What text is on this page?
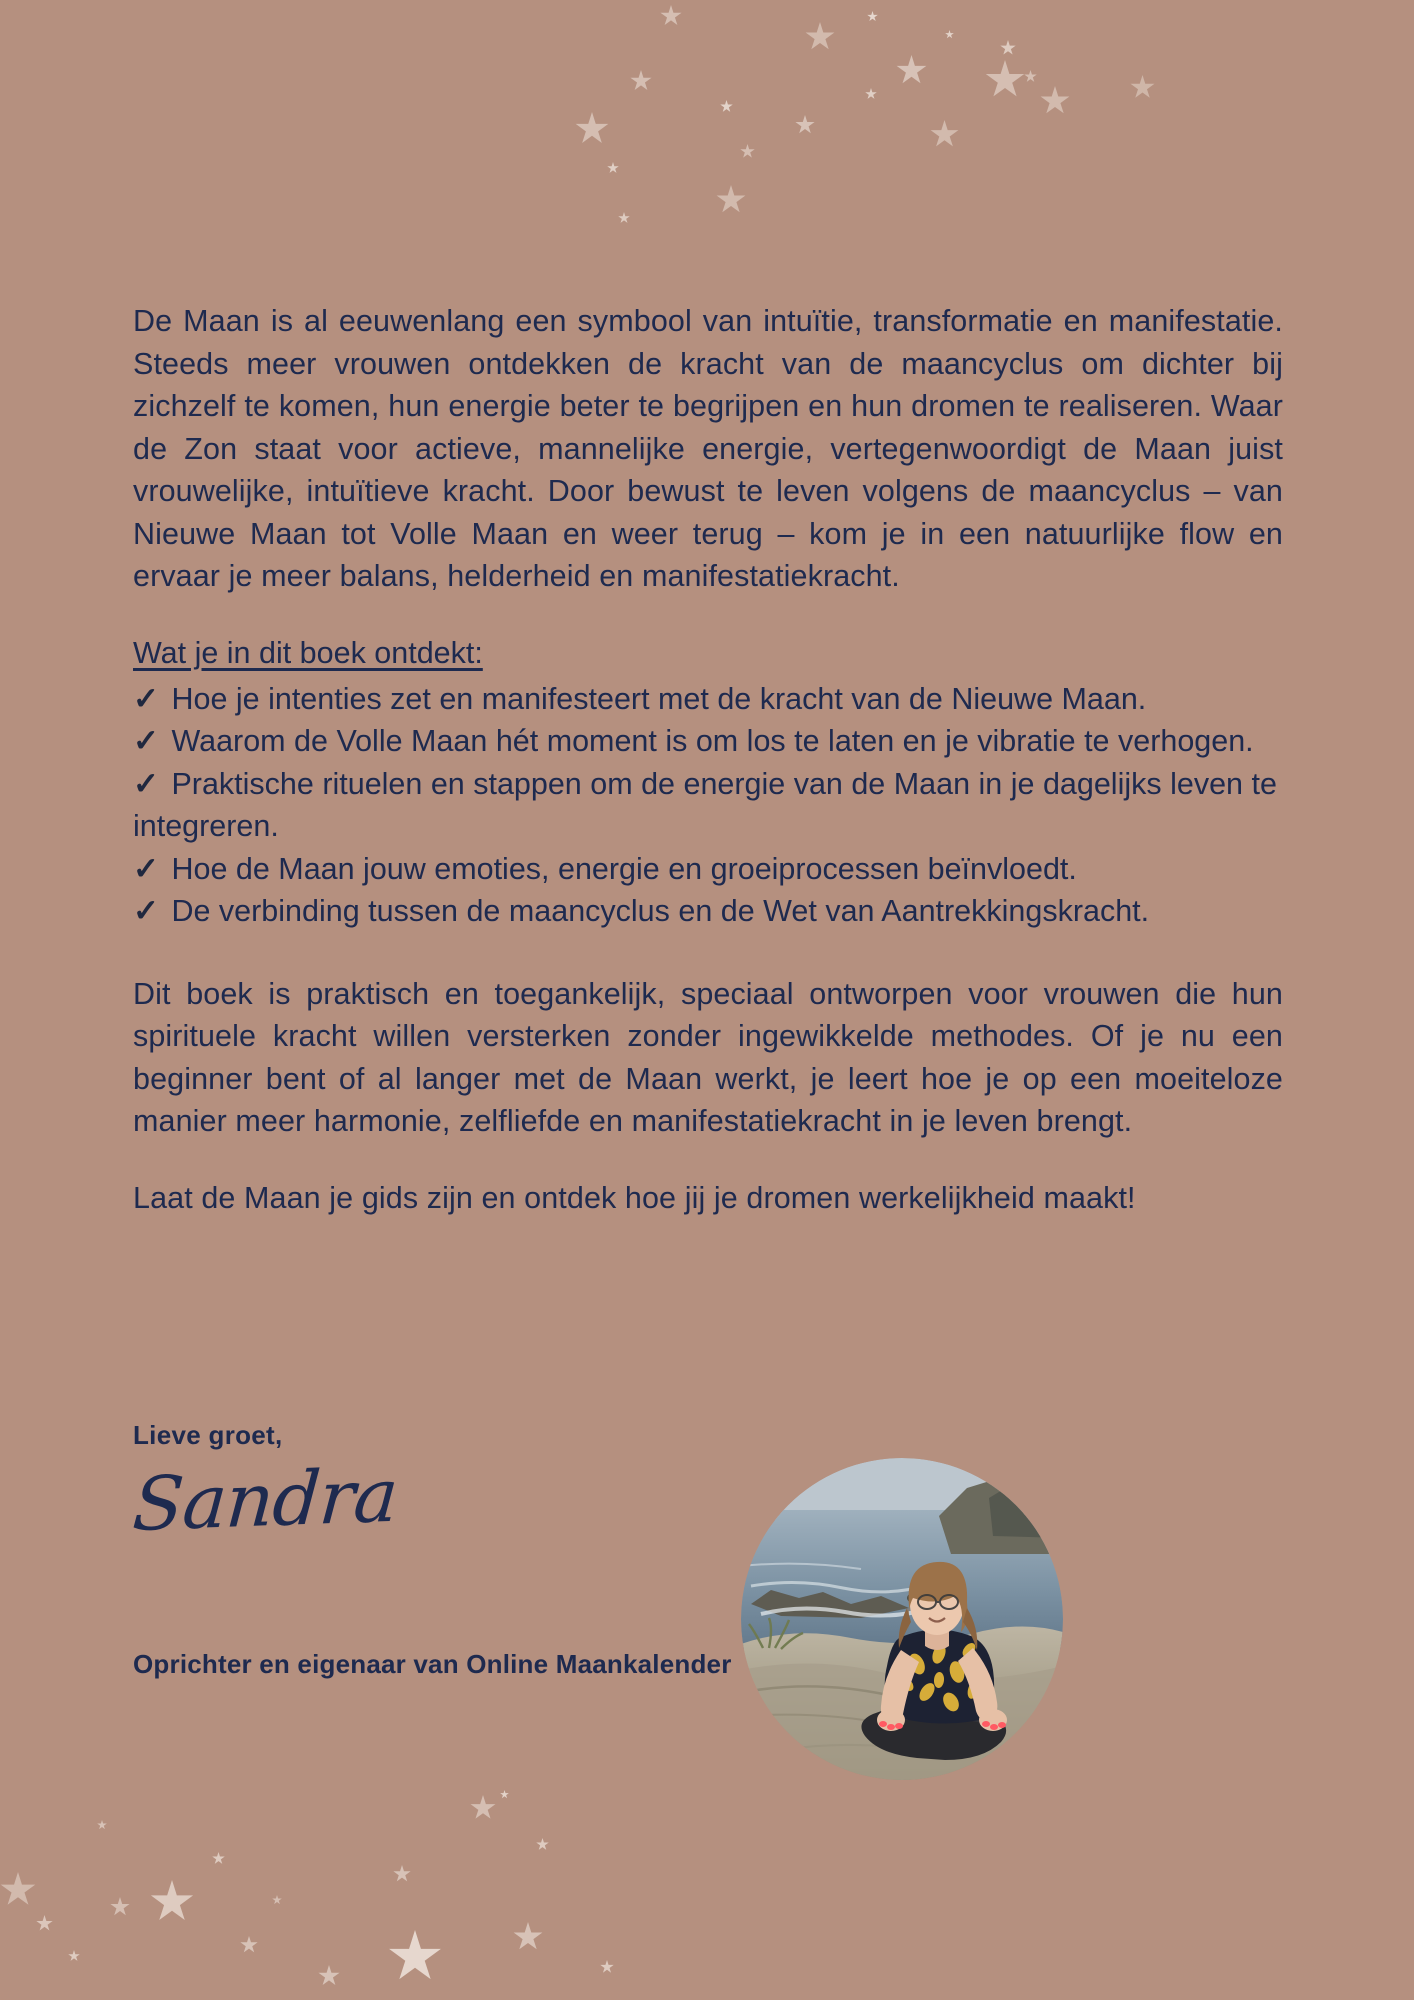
De Maan is al eeuwenlang een symbool van intuïtie, transformatie en manifestatie. Steeds meer vrouwen ontdekken de kracht van de maancyclus om dichter bij zichzelf te komen, hun energie beter te begrijpen en hun dromen te realiseren. Waar de Zon staat voor actieve, mannelijke energie, vertegenwoordigt de Maan juist vrouwelijke, intuïtieve kracht. Door bewust te leven volgens de maancyclus – van Nieuwe Maan tot Volle Maan en weer terug – kom je in een natuurlijke flow en ervaar je meer balans, helderheid en manifestatiekracht.

Wat je in dit boek ontdekt:
✓ Hoe je intenties zet en manifesteert met de kracht van de Nieuwe Maan.
✓ Waarom de Volle Maan hét moment is om los te laten en je vibratie te verhogen.
✓ Praktische rituelen en stappen om de energie van de Maan in je dagelijks leven te integreren.
✓ Hoe de Maan jouw emoties, energie en groeiprocessen beïnvloedt.
✓ De verbinding tussen de maancyclus en de Wet van Aantrekkingskracht.

Dit boek is praktisch en toegankelijk, speciaal ontworpen voor vrouwen die hun spirituele kracht willen versterken zonder ingewikkelde methodes. Of je nu een beginner bent of al langer met de Maan werkt, je leert hoe je op een moeiteloze manier meer harmonie, zelfliefde en manifestatiekracht in je leven brengt.

Laat de Maan je gids zijn en ontdek hoe jij je dromen werkelijkheid maakt!

Lieve groet,
Sandra
Oprichter en eigenaar van Online Maankalender
